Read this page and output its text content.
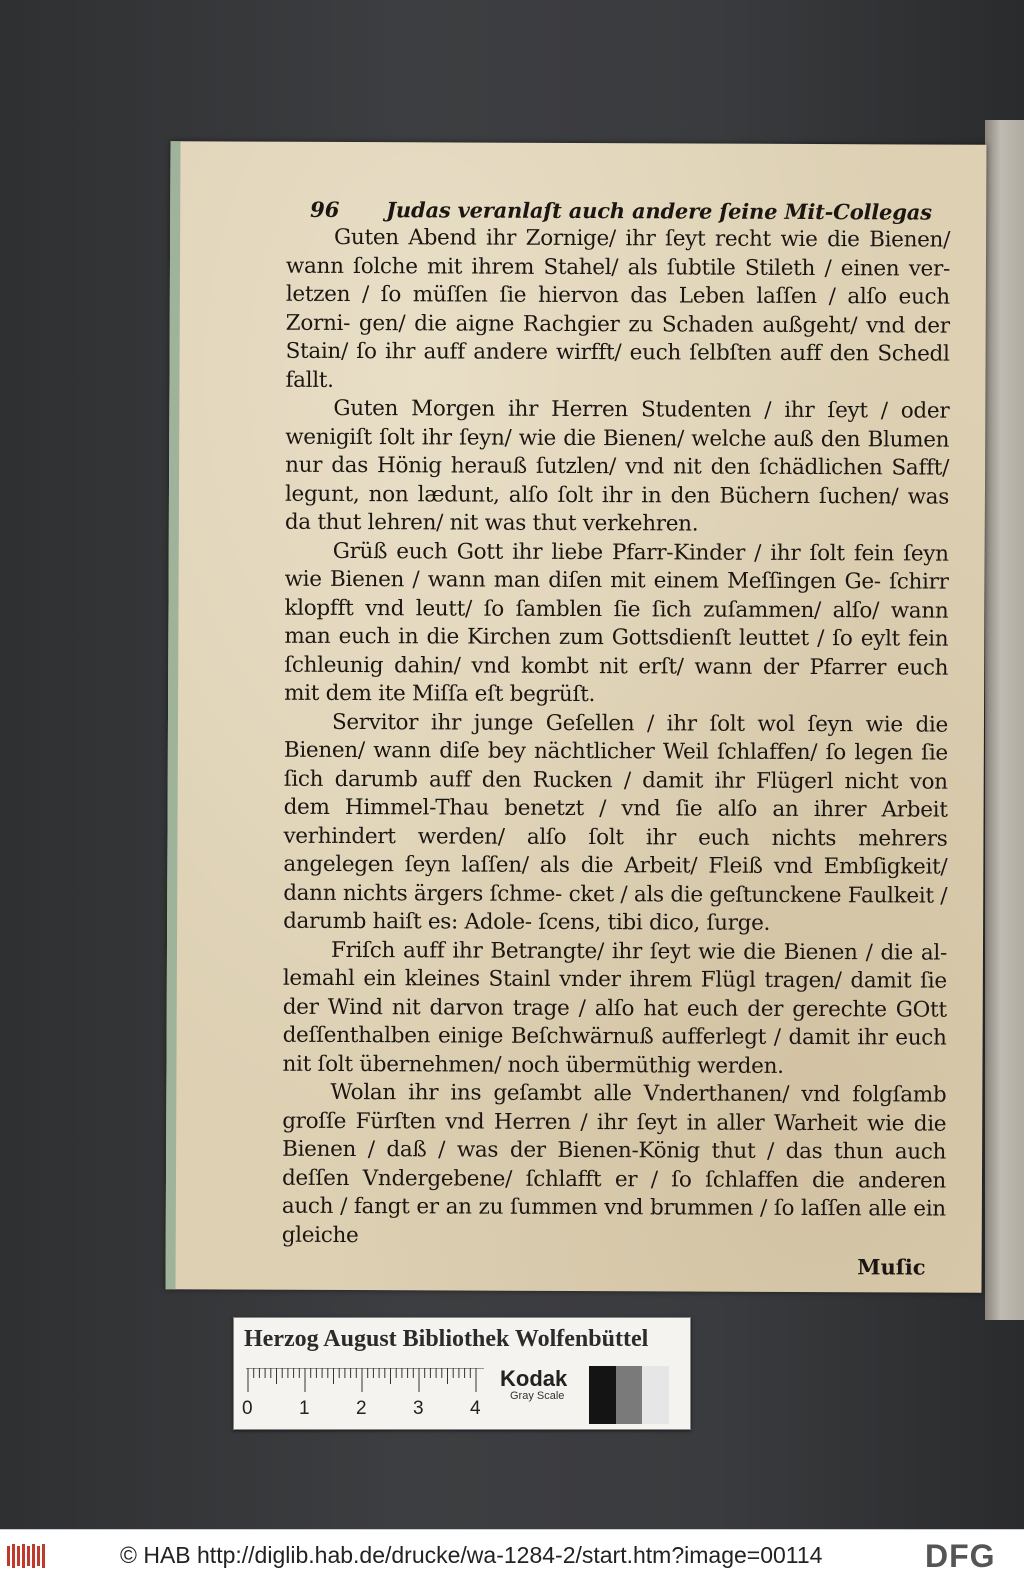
96	Judas veranlaſt auch andere ſeine Mit-Collegas

Guten Abend ihr Zornige/ ihr ſeyt recht wie die Bienen/ wann ſolche mit ihrem Stahel/ als ſubtile Stileth / einen ver- letzen / ſo müſſen ſie hiervon das Leben laſſen / alſo euch Zorni- gen/ die aigne Rachgier zu Schaden außgeht/ vnd der Stain/ ſo ihr auff andere wirfft/ euch ſelbſten auff den Schedl fallt.

Guten Morgen ihr Herren Studenten / ihr ſeyt / oder wenigiſt ſolt ihr ſeyn/ wie die Bienen/ welche auß den Blumen nur das Hönig herauß ſutzlen/ vnd nit den ſchädlichen Safft/ legunt, non lædunt, alſo ſolt ihr in den Büchern ſuchen/ was da thut lehren/ nit was thut verkehren.

Grüß euch Gott ihr liebe Pfarr-Kinder / ihr ſolt fein ſeyn wie Bienen / wann man diſen mit einem Meſſingen Ge- ſchirr klopfft vnd leutt/ ſo ſamblen ſie ſich zuſammen/ alſo/ wann man euch in die Kirchen zum Gottsdienſt leuttet / ſo eylt fein ſchleunig dahin/ vnd kombt nit erſt/ wann der Pfarrer euch mit dem ite Miſſa eſt begrüſt.

Servitor ihr junge Geſellen / ihr ſolt wol ſeyn wie die Bienen/ wann diſe bey nächtlicher Weil ſchlaffen/ ſo legen ſie ſich darumb auff den Rucken / damit ihr Flügerl nicht von dem Himmel-Thau benetzt / vnd ſie alſo an ihrer Arbeit verhindert werden/ alſo ſolt ihr euch nichts mehrers angelegen ſeyn laſſen/ als die Arbeit/ Fleiß vnd Embſigkeit/ dann nichts ärgers ſchme- cket / als die geſtunckene Faulkeit / darumb haiſt es: Adole- ſcens, tibi dico, ſurge.

Friſch auff ihr Betrangte/ ihr ſeyt wie die Bienen / die al- lemahl ein kleines Stainl vnder ihrem Flügl tragen/ damit ſie der Wind nit darvon trage / alſo hat euch der gerechte GOtt deſſenthalben einige Beſchwärnuß aufferlegt / damit ihr euch nit ſolt übernehmen/ noch übermüthig werden.

Wolan ihr ins geſambt alle Vnderthanen/ vnd folgſamb groſſe Fürſten vnd Herren / ihr ſeyt in aller Warheit wie die Bienen / daß / was der Bienen-König thut / das thun auch deſſen Vndergebene/ ſchlafft er / ſo ſchlaffen die anderen auch / fangt er an zu ſummen vnd brummen / ſo laſſen alle ein gleiche

Muſic
Herzog August Bibliothek Wolfenbüttel
0 1 2 3 4
Kodak
Gray Scale
© HAB http://diglib.hab.de/drucke/wa-1284-2/start.htm?image=00114	DFG
